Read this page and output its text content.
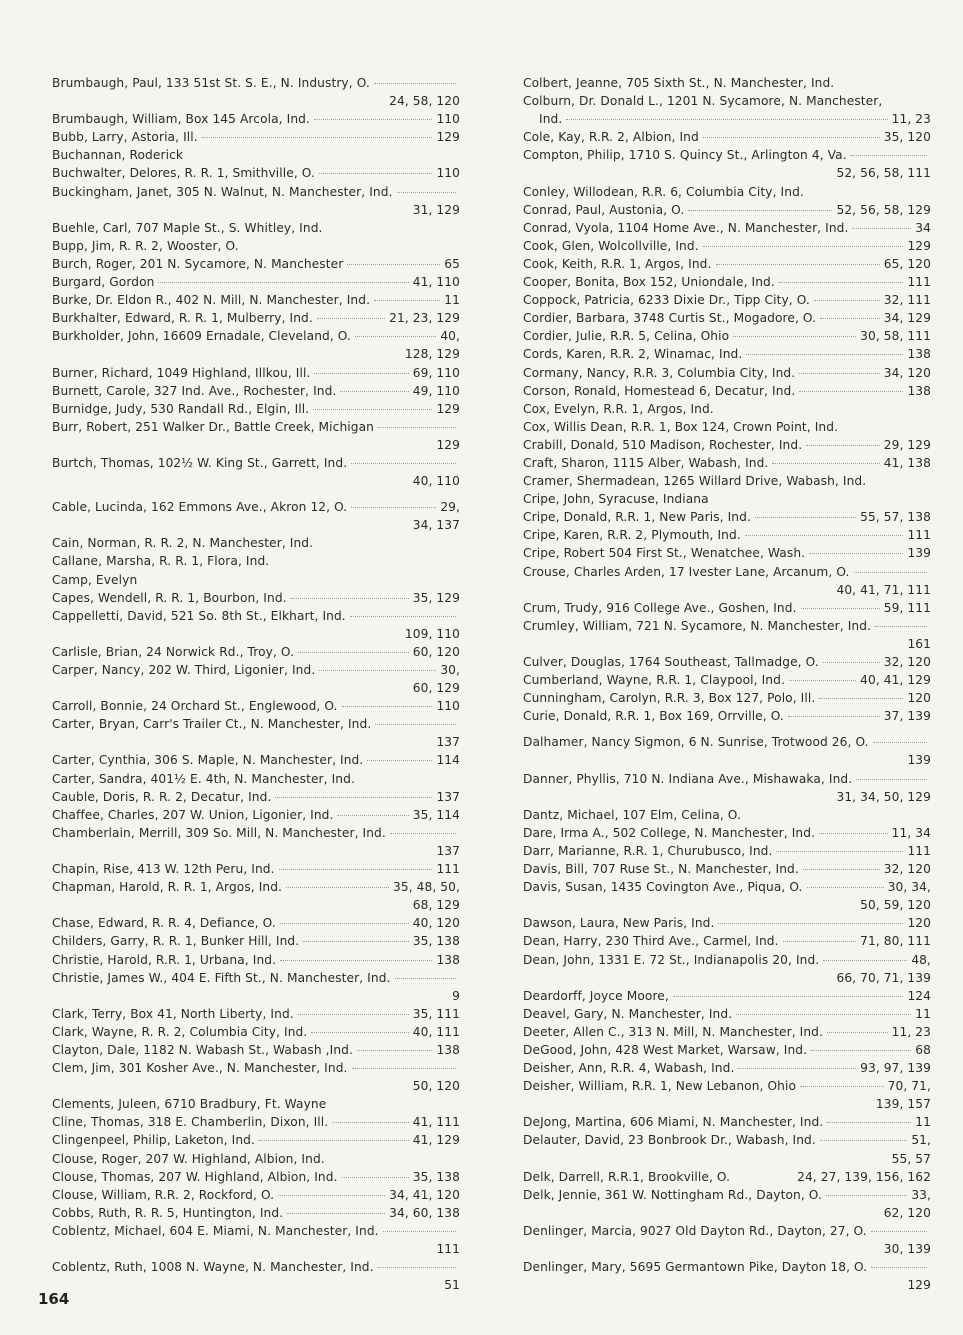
Brumbaugh, Paul, 133 51st St. S. E., N. Industry, O.
24, 58, 120
Brumbaugh, William, Box 145 Arcola, Ind.	110
Bubb, Larry, Astoria, Ill.	129
Buchannan, Roderick
Buchwalter, Delores, R. R. 1, Smithville, O.	110
Buckingham, Janet, 305 N. Walnut, N. Manchester, Ind.
31, 129
Buehle, Carl, 707 Maple St., S. Whitley, Ind.
Bupp, Jim, R. R. 2, Wooster, O.
Burch, Roger, 201 N. Sycamore, N. Manchester	65
Burgard, Gordon	41, 110
Burke, Dr. Eldon R., 402 N. Mill, N. Manchester, Ind.	11
Burkhalter, Edward, R. R. 1, Mulberry, Ind.	21, 23, 129
Burkholder, John, 16609 Ernadale, Cleveland, O.	40,
128, 129
Burner, Richard, 1049 Highland, Illkou, Ill.	69, 110
Burnett, Carole, 327 Ind. Ave., Rochester, Ind.	49, 110
Burnidge, Judy, 530 Randall Rd., Elgin, Ill.	129
Burr, Robert, 251 Walker Dr., Battle Creek, Michigan
129
Burtch, Thomas, 102½ W. King St., Garrett, Ind.
40, 110
Cable, Lucinda, 162 Emmons Ave., Akron 12, O.	29,
34, 137
Cain, Norman, R. R. 2, N. Manchester, Ind.
Callane, Marsha, R. R. 1, Flora, Ind.
Camp, Evelyn
Capes, Wendell, R. R. 1, Bourbon, Ind.	35, 129
Cappelletti, David, 521 So. 8th St., Elkhart, Ind.
109, 110
Carlisle, Brian, 24 Norwick Rd., Troy, O.	60, 120
Carper, Nancy, 202 W. Third, Ligonier, Ind.	30,
60, 129
Carroll, Bonnie, 24 Orchard St., Englewood, O.	110
Carter, Bryan, Carr's Trailer Ct., N. Manchester, Ind.
137
Carter, Cynthia, 306 S. Maple, N. Manchester, Ind.	114
Carter, Sandra, 401½ E. 4th, N. Manchester, Ind.
Cauble, Doris, R. R. 2, Decatur, Ind.	137
Chaffee, Charles, 207 W. Union, Ligonier, Ind.	35, 114
Chamberlain, Merrill, 309 So. Mill, N. Manchester, Ind.
137
Chapin, Rise, 413 W. 12th Peru, Ind.	111
Chapman, Harold, R. R. 1, Argos, Ind.	35, 48, 50,
68, 129
Chase, Edward, R. R. 4, Defiance, O.	40, 120
Childers, Garry, R. R. 1, Bunker Hill, Ind.	35, 138
Christie, Harold, R.R. 1, Urbana, Ind.	138
Christie, James W., 404 E. Fifth St., N. Manchester, Ind.
9
Clark, Terry, Box 41, North Liberty, Ind.	35, 111
Clark, Wayne, R. R. 2, Columbia City, Ind.	40, 111
Clayton, Dale, 1182 N. Wabash St., Wabash ,Ind.	138
Clem, Jim, 301 Kosher Ave., N. Manchester, Ind.
50, 120
Clements, Juleen, 6710 Bradbury, Ft. Wayne
Cline, Thomas, 318 E. Chamberlin, Dixon, Ill.	41, 111
Clingenpeel, Philip, Laketon, Ind.	41, 129
Clouse, Roger, 207 W. Highland, Albion, Ind.
Clouse, Thomas, 207 W. Highland, Albion, Ind.	35, 138
Clouse, William, R.R. 2, Rockford, O.	34, 41, 120
Cobbs, Ruth, R. R. 5, Huntington, Ind.	34, 60, 138
Coblentz, Michael, 604 E. Miami, N. Manchester, Ind.
111
Coblentz, Ruth, 1008 N. Wayne, N. Manchester, Ind.
51
Colbert, Jeanne, 705 Sixth St., N. Manchester, Ind.
Colburn, Dr. Donald L., 1201 N. Sycamore, N. Manchester,
Ind.	11, 23
Cole, Kay, R.R. 2, Albion, Ind	35, 120
Compton, Philip, 1710 S. Quincy St., Arlington 4, Va.
52, 56, 58, 111
Conley, Willodean, R.R. 6, Columbia City, Ind.
Conrad, Paul, Austonia, O.	52, 56, 58, 129
Conrad, Vyola, 1104 Home Ave., N. Manchester, Ind.	34
Cook, Glen, Wolcollville, Ind.	129
Cook, Keith, R.R. 1, Argos, Ind.	65, 120
Cooper, Bonita, Box 152, Uniondale, Ind.	111
Coppock, Patricia, 6233 Dixie Dr., Tipp City, O.	32, 111
Cordier, Barbara, 3748 Curtis St., Mogadore, O.	34, 129
Cordier, Julie, R.R. 5, Celina, Ohio	30, 58, 111
Cords, Karen, R.R. 2, Winamac, Ind.	138
Cormany, Nancy, R.R. 3, Columbia City, Ind.	34, 120
Corson, Ronald, Homestead 6, Decatur, Ind.	138
Cox, Evelyn, R.R. 1, Argos, Ind.
Cox, Willis Dean, R.R. 1, Box 124, Crown Point, Ind.
Crabill, Donald, 510 Madison, Rochester, Ind.	29, 129
Craft, Sharon, 1115 Alber, Wabash, Ind.	41, 138
Cramer, Shermadean, 1265 Willard Drive, Wabash, Ind.
Cripe, John, Syracuse, Indiana
Cripe, Donald, R.R. 1, New Paris, Ind.	55, 57, 138
Cripe, Karen, R.R. 2, Plymouth, Ind.	111
Cripe, Robert 504 First St., Wenatchee, Wash.	139
Crouse, Charles Arden, 17 Ivester Lane, Arcanum, O.
40, 41, 71, 111
Crum, Trudy, 916 College Ave., Goshen, Ind.	59, 111
Crumley, William, 721 N. Sycamore, N. Manchester, Ind.
161
Culver, Douglas, 1764 Southeast, Tallmadge, O.	32, 120
Cumberland, Wayne, R.R. 1, Claypool, Ind.	40, 41, 129
Cunningham, Carolyn, R.R. 3, Box 127, Polo, Ill.	120
Curie, Donald, R.R. 1, Box 169, Orrville, O.	37, 139
Dalhamer, Nancy Sigmon, 6 N. Sunrise, Trotwood 26, O.
139
Danner, Phyllis, 710 N. Indiana Ave., Mishawaka, Ind.
31, 34, 50, 129
Dantz, Michael, 107 Elm, Celina, O.
Dare, Irma A., 502 College, N. Manchester, Ind.	11, 34
Darr, Marianne, R.R. 1, Churubusco, Ind.	111
Davis, Bill, 707 Ruse St., N. Manchester, Ind.	32, 120
Davis, Susan, 1435 Covington Ave., Piqua, O.	30, 34,
50, 59, 120
Dawson, Laura, New Paris, Ind.	120
Dean, Harry, 230 Third Ave., Carmel, Ind.	71, 80, 111
Dean, John, 1331 E. 72 St., Indianapolis 20, Ind.	48,
66, 70, 71, 139
Deardorff, Joyce Moore,	124
Deavel, Gary, N. Manchester, Ind.	11
Deeter, Allen C., 313 N. Mill, N. Manchester, Ind.	11, 23
DeGood, John, 428 West Market, Warsaw, Ind.	68
Deisher, Ann, R.R. 4, Wabash, Ind.	93, 97, 139
Deisher, William, R.R. 1, New Lebanon, Ohio	70, 71,
139, 157
DeJong, Martina, 606 Miami, N. Manchester, Ind.	11
Delauter, David, 23 Bonbrook Dr., Wabash, Ind.	51,
55, 57
Delk, Darrell, R.R.1, Brookville, O.	24, 27, 139, 156, 162
Delk, Jennie, 361 W. Nottingham Rd., Dayton, O.	33,
62, 120
Denlinger, Marcia, 9027 Old Dayton Rd., Dayton, 27, O.
30, 139
Denlinger, Mary, 5695 Germantown Pike, Dayton 18, O.
129
164
